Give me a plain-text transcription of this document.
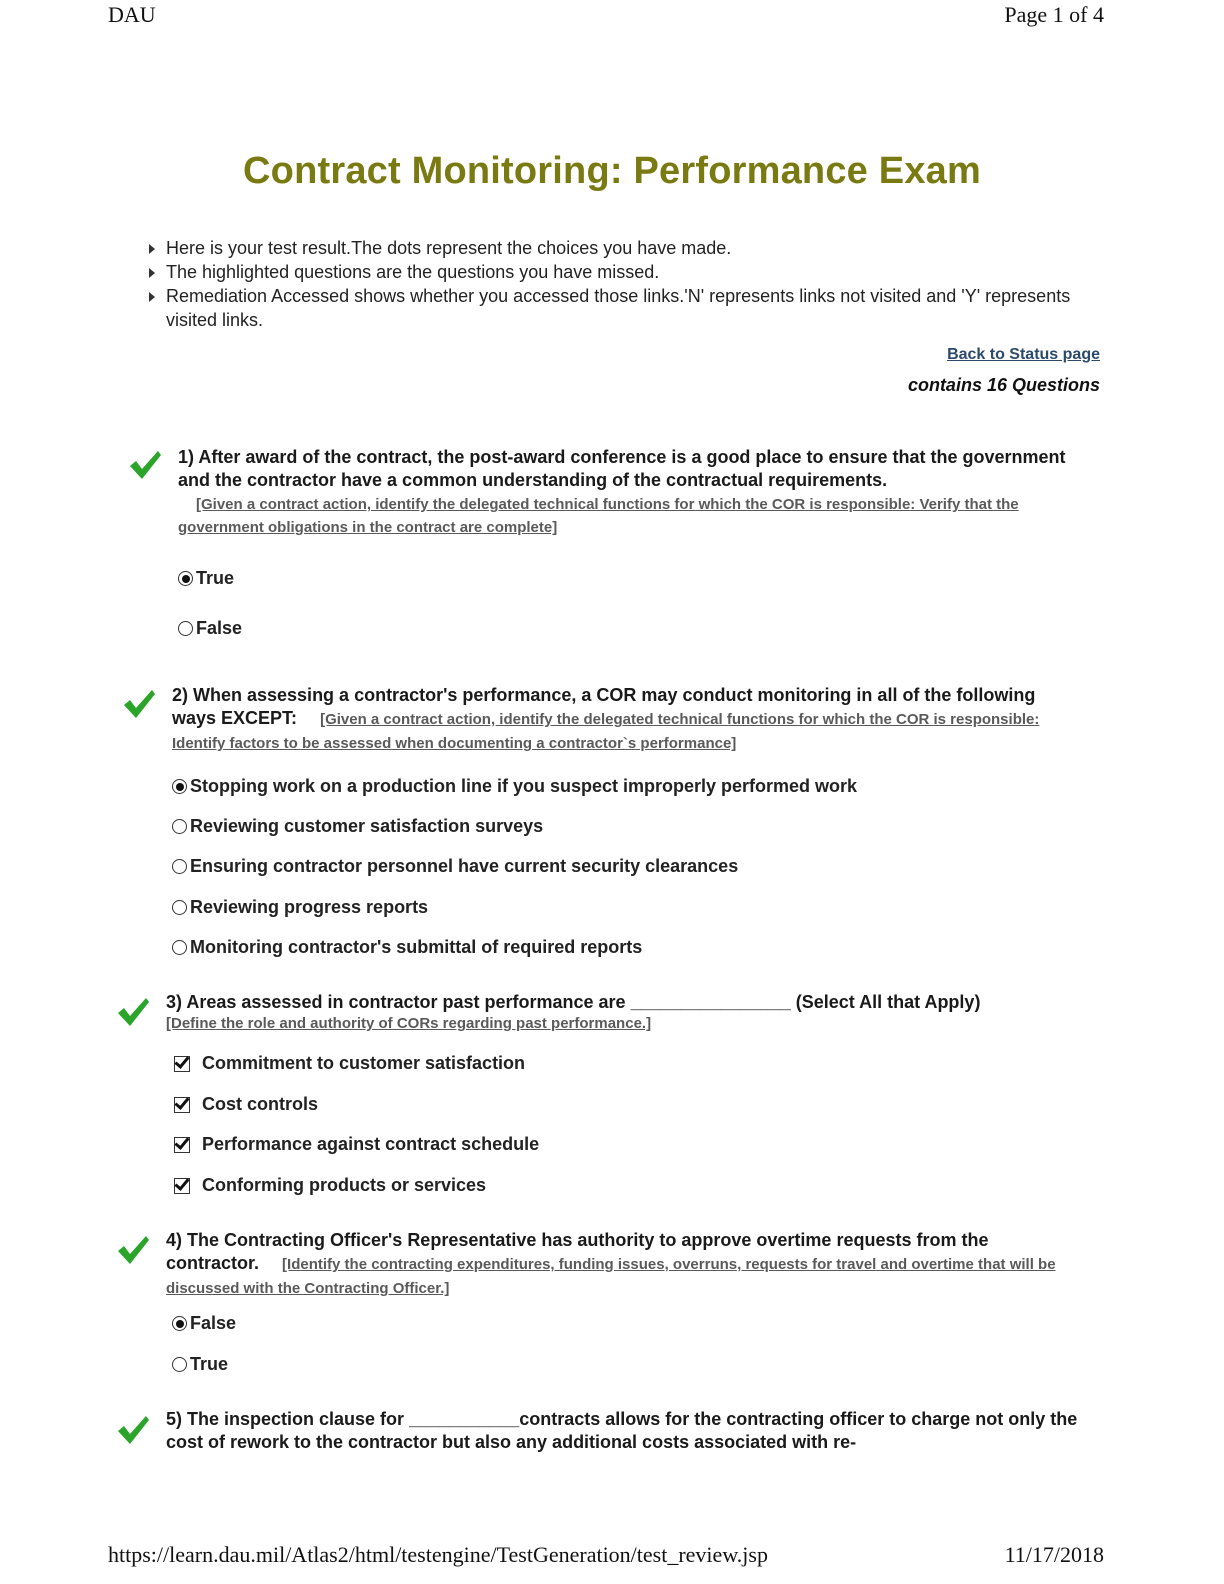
DAU	Page 1 of 4
Contract Monitoring: Performance Exam
Here is your test result.The dots represent the choices you have made.
The highlighted questions are the questions you have missed.
Remediation Accessed shows whether you accessed those links.'N' represents links not visited and 'Y' represents visited links.
Back to Status page
contains 16 Questions
1) After award of the contract, the post-award conference is a good place to ensure that the government and the contractor have a common understanding of the contractual requirements.
[Given a contract action, identify the delegated technical functions for which the COR is responsible: Verify that the government obligations in the contract are complete]
True
False
2) When assessing a contractor's performance, a COR may conduct monitoring in all of the following ways EXCEPT: [Given a contract action, identify the delegated technical functions for which the COR is responsible: Identify factors to be assessed when documenting a contractor`s performance]
Stopping work on a production line if you suspect improperly performed work
Reviewing customer satisfaction surveys
Ensuring contractor personnel have current security clearances
Reviewing progress reports
Monitoring contractor's submittal of required reports
3) Areas assessed in contractor past performance are ________________ (Select All that Apply)
[Define the role and authority of CORs regarding past performance.]
Commitment to customer satisfaction
Cost controls
Performance against contract schedule
Conforming products or services
4) The Contracting Officer's Representative has authority to approve overtime requests from the contractor. [Identify the contracting expenditures, funding issues, overruns, requests for travel and overtime that will be discussed with the Contracting Officer.]
False
True
5) The inspection clause for ___________contracts allows for the contracting officer to charge not only the cost of rework to the contractor but also any additional costs associated with re-
https://learn.dau.mil/Atlas2/html/testengine/TestGeneration/test_review.jsp	11/17/2018
